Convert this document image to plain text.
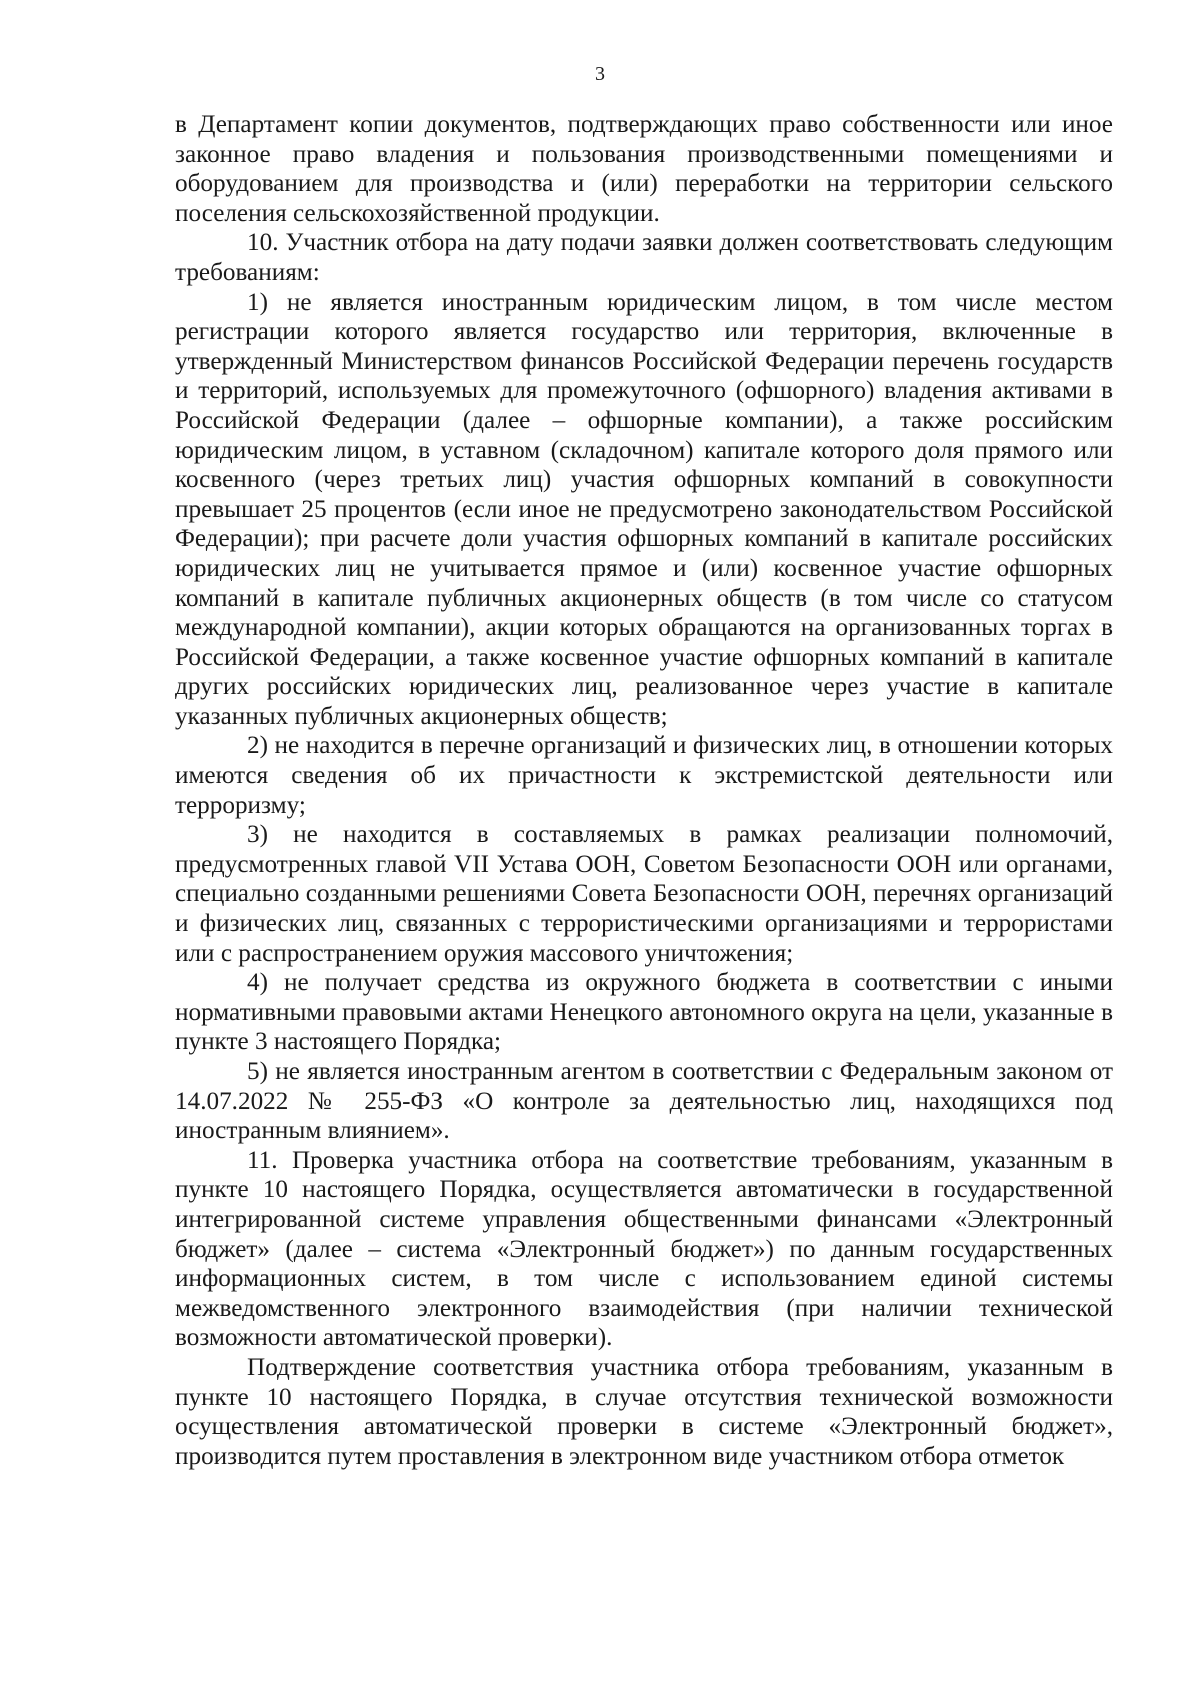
3

в Департамент копии документов, подтверждающих право собственности или иное законное право владения и пользования производственными помещениями и оборудованием для производства и (или) переработки на территории сельского поселения сельскохозяйственной продукции.

10. Участник отбора на дату подачи заявки должен соответствовать следующим требованиям:

1) не является иностранным юридическим лицом, в том числе местом регистрации которого является государство или территория, включенные в утвержденный Министерством финансов Российской Федерации перечень государств и территорий, используемых для промежуточного (офшорного) владения активами в Российской Федерации (далее – офшорные компании), а также российским юридическим лицом, в уставном (складочном) капитале которого доля прямого или косвенного (через третьих лиц) участия офшорных компаний в совокупности превышает 25 процентов (если иное не предусмотрено законодательством Российской Федерации); при расчете доли участия офшорных компаний в капитале российских юридических лиц не учитывается прямое и (или) косвенное участие офшорных компаний в капитале публичных акционерных обществ (в том числе со статусом международной компании), акции которых обращаются на организованных торгах в Российской Федерации, а также косвенное участие офшорных компаний в капитале других российских юридических лиц, реализованное через участие в капитале указанных публичных акционерных обществ;

2) не находится в перечне организаций и физических лиц, в отношении которых имеются сведения об их причастности к экстремистской деятельности или терроризму;

3) не находится в составляемых в рамках реализации полномочий, предусмотренных главой VII Устава ООН, Советом Безопасности ООН или органами, специально созданными решениями Совета Безопасности ООН, перечнях организаций и физических лиц, связанных с террористическими организациями и террористами или с распространением оружия массового уничтожения;

4) не получает средства из окружного бюджета в соответствии с иными нормативными правовыми актами Ненецкого автономного округа на цели, указанные в пункте 3 настоящего Порядка;

5) не является иностранным агентом в соответствии с Федеральным законом от 14.07.2022 № 255-ФЗ «О контроле за деятельностью лиц, находящихся под иностранным влиянием».

11. Проверка участника отбора на соответствие требованиям, указанным в пункте 10 настоящего Порядка, осуществляется автоматически в государственной интегрированной системе управления общественными финансами «Электронный бюджет» (далее – система «Электронный бюджет») по данным государственных информационных систем, в том числе с использованием единой системы межведомственного электронного взаимодействия (при наличии технической возможности автоматической проверки).

Подтверждение соответствия участника отбора требованиям, указанным в пункте 10 настоящего Порядка, в случае отсутствия технической возможности осуществления автоматической проверки в системе «Электронный бюджет», производится путем проставления в электронном виде участником отбора отметок
